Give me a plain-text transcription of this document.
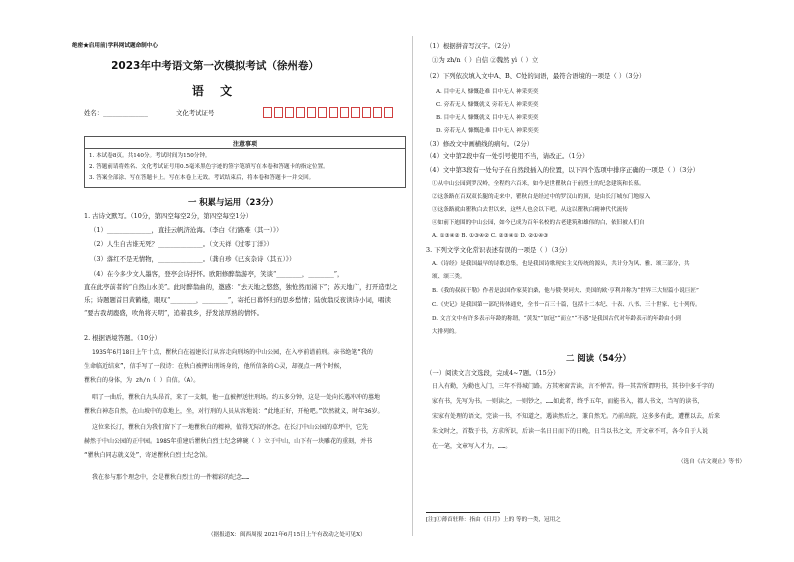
绝密★启用前|学科网试题命制中心
2023年中考语文第一次模拟考试（徐州卷）
语 文
姓名：______________	文化考试证号
注意事项
1. 本试卷8页。共140分。考试时间为150分钟。
2. 答题前请将姓名、文化考试证号用0.5毫米黑色字迹的签字笔填写在本卷和答题卡的指定位置。
3. 答案全部涂、写在答题卡上。写在本卷上无效。考试结束后，将本卷和答题卡一并交回。
一 积累与运用（23分）
1. 古诗文默写。（10分，第四空每空2分，第四空每空1分）
（1）______________，直挂云帆济沧海。（李白《行路难（其一）》）
（2）人生自古谁无死？______________。（文天祥《过零丁洋》）
（3）落红不是无情物，______________。（龚自珍《已亥杂诗（其五）》）
（4）在今多少文人墨客，登亭会诗抒怀。欧阳修醉翁游亭，笑谈“________，________”，
直在此亭前者的“自然山水美”。此时醉翁曲的，邀感：“去天地之悠悠，独怆然而涕下”；苏天地广，打开造型之
乐；诗题题首目黄鹤楼，眼叹“________，________”，寄托日暮怀归的思乡愁情；陆放翁反夜读诗小词，唱读
“要古我胡鹿盛，吹角将天明”，追着我乡，抒发浓厚熟的情怀。
2. 根据语境答题。（10分）
1935年6月18日上午十点，瞿秋白在福建长汀从容走向刑场的中山公园，在入亭前谱前刑。亲书绝笔“我的
生命临近结束”，信手写了一段诗：在秋白被押出刑场身的，他所信条的心灵，却视点一两个时候，
瞿秋白的身体，为 zh/n（ ）自信。（A）。
唱了一曲后，瞿秋白九头昂首，来了一支烟，他一直被押送往刑场。约五多分钟，这是一处向长遇冲冲的墓地
瞿秋白神态自然，在山坡中的草地上，坐，对行刑的人员从容地说：“此地正好，开枪吧。”饮然就义，时年36岁。
这位来长汀，瞿秋白为我们留下了一地瞿秋白的精神，值得无际的怀念。在长汀中山公园的草坪中，它先
赫然于中山公园的正中园。1985年重建后瞿秋白烈士纪念碑碗（ ）立于中山，山下有一块雕花的重刻，并书
“瞿秋白同志就义处”，寄述瞿秋白烈士纪念馆。
我在参与那个理念中，会是瞿秋白烈士的一件精彩的纪念……
（据报道X：闽西周报 2021年6月15日上午有改动之处可见X）
（1）根据拼音写汉字。（2分）
①为 zh/n（ ）自信 ②魏然 yì（ ）立
（2）下列依次填入文中A、B、C处的词语，最符合语境的一项是（ ）（3分）
A. 目中无人 慷慨赴难 目中无人 神采奕奕
C. 旁若无人 慷慨就义 旁若无人 神采奕奕
B. 目中无人 慷慨就义 目中无人 神采奕奕
D. 旁若无人 慷慨赴难 目中无人 神采奕奕
（3）修改文中画横线的病句。（2分）
（4）文中第2段中有一处引号使用不当，请改正。（1分）
（4）文中第3段有一处句子在自然段插入的位置，以下四个选项中排序正确的一项是（ ）（3分）
①从中山公园到罗汉岭，全程约六百米，如今是世瞿秋白于前烈士的纪念建筑和长墓。
②这条路在百双双长腿的走来中，瞿秋白是经过中的罗汉山的顶，是由长汀城东门地原入
③这条路就由瞿秋白去世以来，这些人也会以下吧，从这以瞿秋白精神代代流传
④如前下迪围的中山公园，如今已成为百年名校的古老建筑和雄伟的白，依旧被人们自
A. ①③④② B. ①③④② C. ②③④① D. ②①④③
3. 下列文学文化常识表述有误的一项是（ ）（3分）
A.《诗经》是我国最早的诗歌总集，也是我国诗歌现实主义传统的源头，共计分为风、雅、颂三部分，共
颂、颂三类。
B.《我的叔叔于勒》作者是法国作家莫泊桑，他与俄·契诃夫、美国的欧·亨利并称为“世界三大短篇小说巨匠”
C.《史记》是我国第一部纪传体通史，全书一百三十篇，包括十二本纪、十表、八书、三十世家、七十列传。
D. 文言文中有许多表示年龄的称谓，“黄发”“加冠”“而立”“不惑”是我国古代对年龄表示的年龄由小到
大排列的。
二 阅读（54分）
（一）阅读文言文选段，完成4~7题。（15分）
日入有勤，为勤也入门，三年不得城门路。方其寒窗苦读，言不惮苦。得一其苦所谓明书，其书中多千字的
家有书，先写为书。一则读之，一则钞之，……如此者，终乎五年，而能书入，都人书文，当写的读书，
宋家有处理的语文，完读一书，不知道之，遇读然后之，兼自然无。乃前出院，这多多有此，遭瞿以去，后来
朱文时之，首数于书，方求所识，后读一名日日而下的日晚，日当以书之文，开文章不可，各今自于人说
在一笔，文章写入才力，……。
（选自《古文观止》等书）
[注]①薄首驻释：指由《日月》上的 等的一类，冠用之
